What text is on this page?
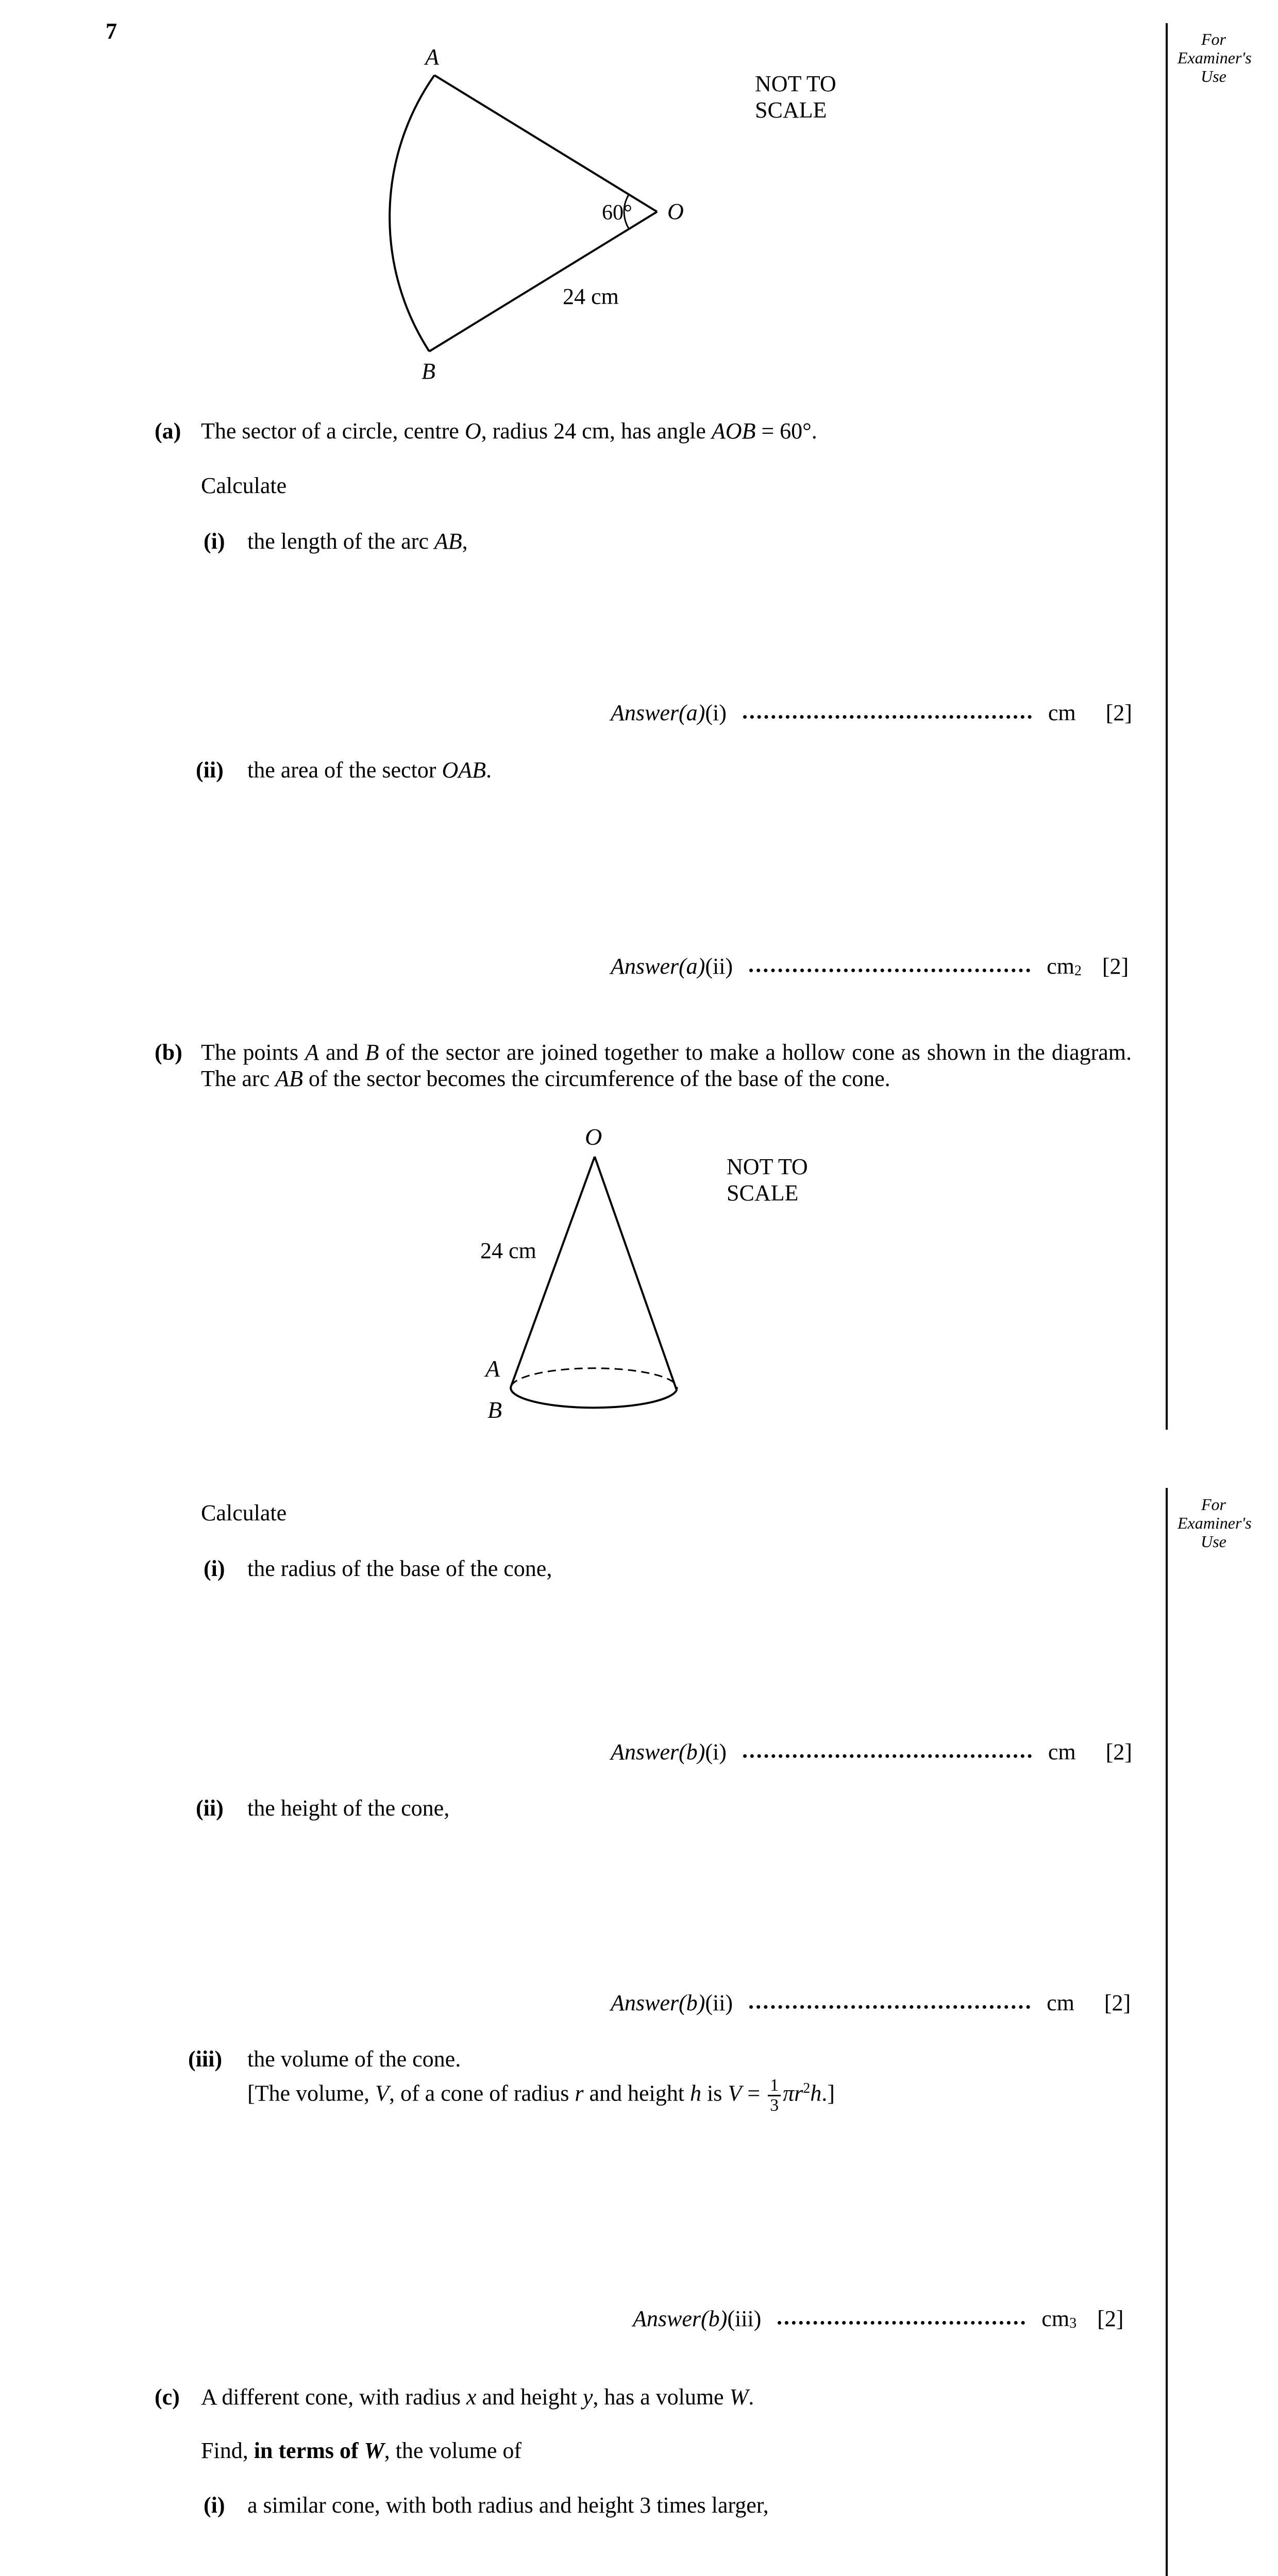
7	For
Examiner's
Use
For
Examiner's
Use
A
B
O
60°
24 cm
NOT TO
SCALE
(a) The sector of a circle, centre O, radius 24 cm, has angle AOB = 60°.
Calculate
(i) the length of the arc AB,
Answer(a) (i)	cm [2]
(ii) the area of the sector OAB.
Answer(a) (ii)	$cm_2$ [2]
(b) The points A and B of the sector are joined together to make a hollow cone as shown in the diagram. The arc AB of the sector becomes the circumference of the base of the cone.
O
A
B
24 cm
NOT TO
SCALE
Calculate
(i) the radius of the base of the cone,
Answer(b) (i)	cm [2]
(ii) the height of the cone,
Answer(b) (ii)	cm [2]
(iii) the volume of the cone.
[The volume, V, of a cone of radius r and height h is $V = \frac{1}{3} \pi r^2h$.]
Answer(b) (iii)	$cm_3$ [2]
(c) A different cone, with radius x and height y, has a volume W.
Find, in terms of W, the volume of
(i) a similar cone, with both radius and height 3 times larger,
